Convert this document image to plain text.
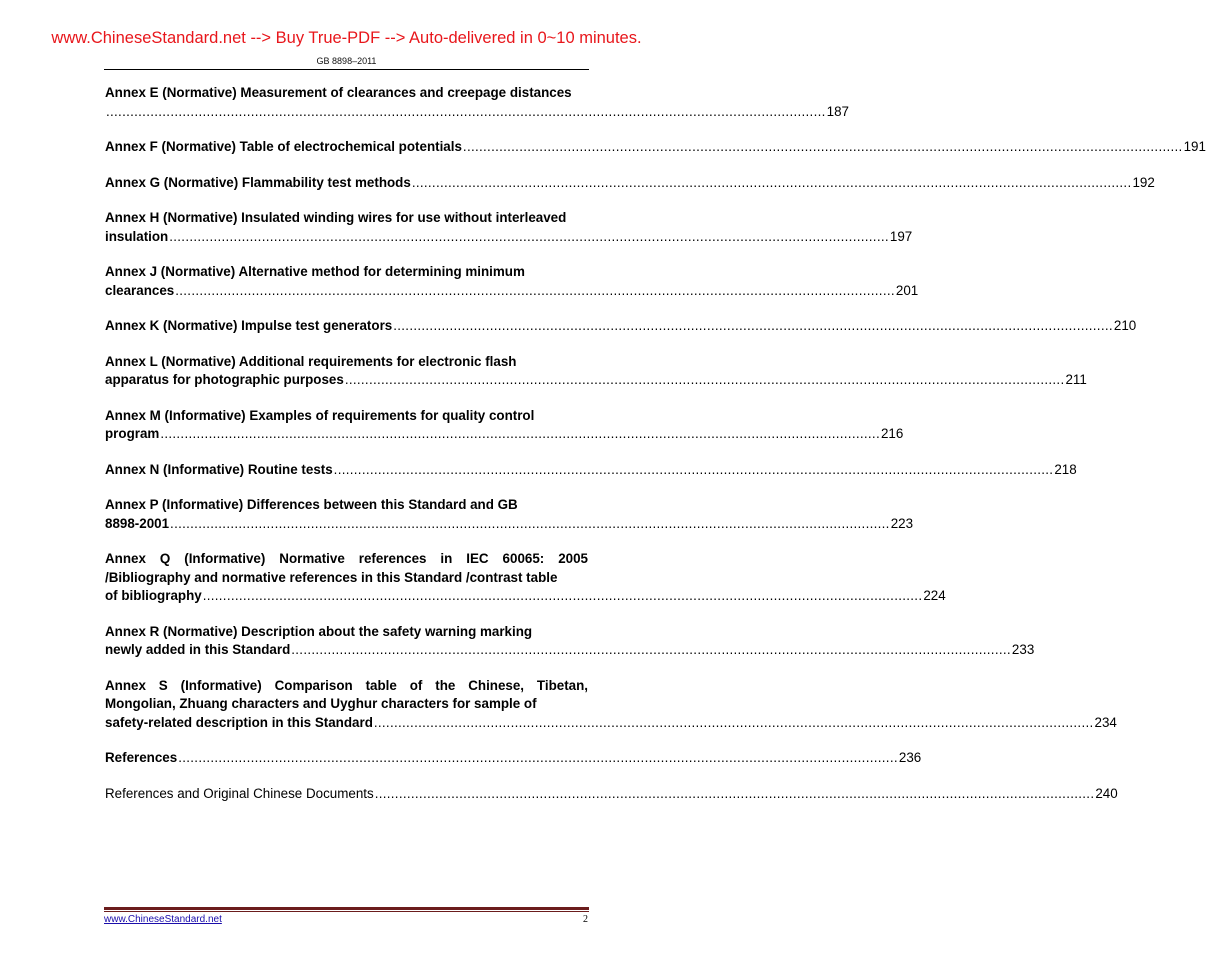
www.ChineseStandard.net --> Buy True-PDF --> Auto-delivered in 0~10 minutes.
GB 8898–2011
Annex E (Normative) Measurement of clearances and creepage distances
................................................................................................................................................................................... 187
Annex F (Normative) Table of electrochemical potentials ................................................................................................................................................................................... 191
Annex G (Normative) Flammability test methods ................................................................................................................................................................................... 192
Annex H (Normative) Insulated winding wires for use without interleaved
insulation ................................................................................................................................................................................... 197
Annex J (Normative) Alternative method for determining minimum
clearances ................................................................................................................................................................................... 201
Annex K (Normative) Impulse test generators ................................................................................................................................................................................... 210
Annex L (Normative) Additional requirements for electronic flash
apparatus for photographic purposes ................................................................................................................................................................................... 211
Annex M (Informative) Examples of requirements for quality control
program ................................................................................................................................................................................... 216
Annex N (Informative) Routine tests ................................................................................................................................................................................... 218
Annex P (Informative) Differences between this Standard and GB
8898-2001 ................................................................................................................................................................................... 223
Annex Q (Informative) Normative references in IEC 60065: 2005 /Bibliography and normative references in this Standard /contrast table
of bibliography ................................................................................................................................................................................... 224
Annex R (Normative) Description about the safety warning marking
newly added in this Standard ................................................................................................................................................................................... 233
Annex S (Informative) Comparison table of the Chinese, Tibetan, Mongolian, Zhuang characters and Uyghur characters for sample of
safety-related description in this Standard ................................................................................................................................................................................... 234
References ................................................................................................................................................................................... 236
References and Original Chinese Documents ................................................................................................................................................................................... 240
www.ChineseStandard.net	2
